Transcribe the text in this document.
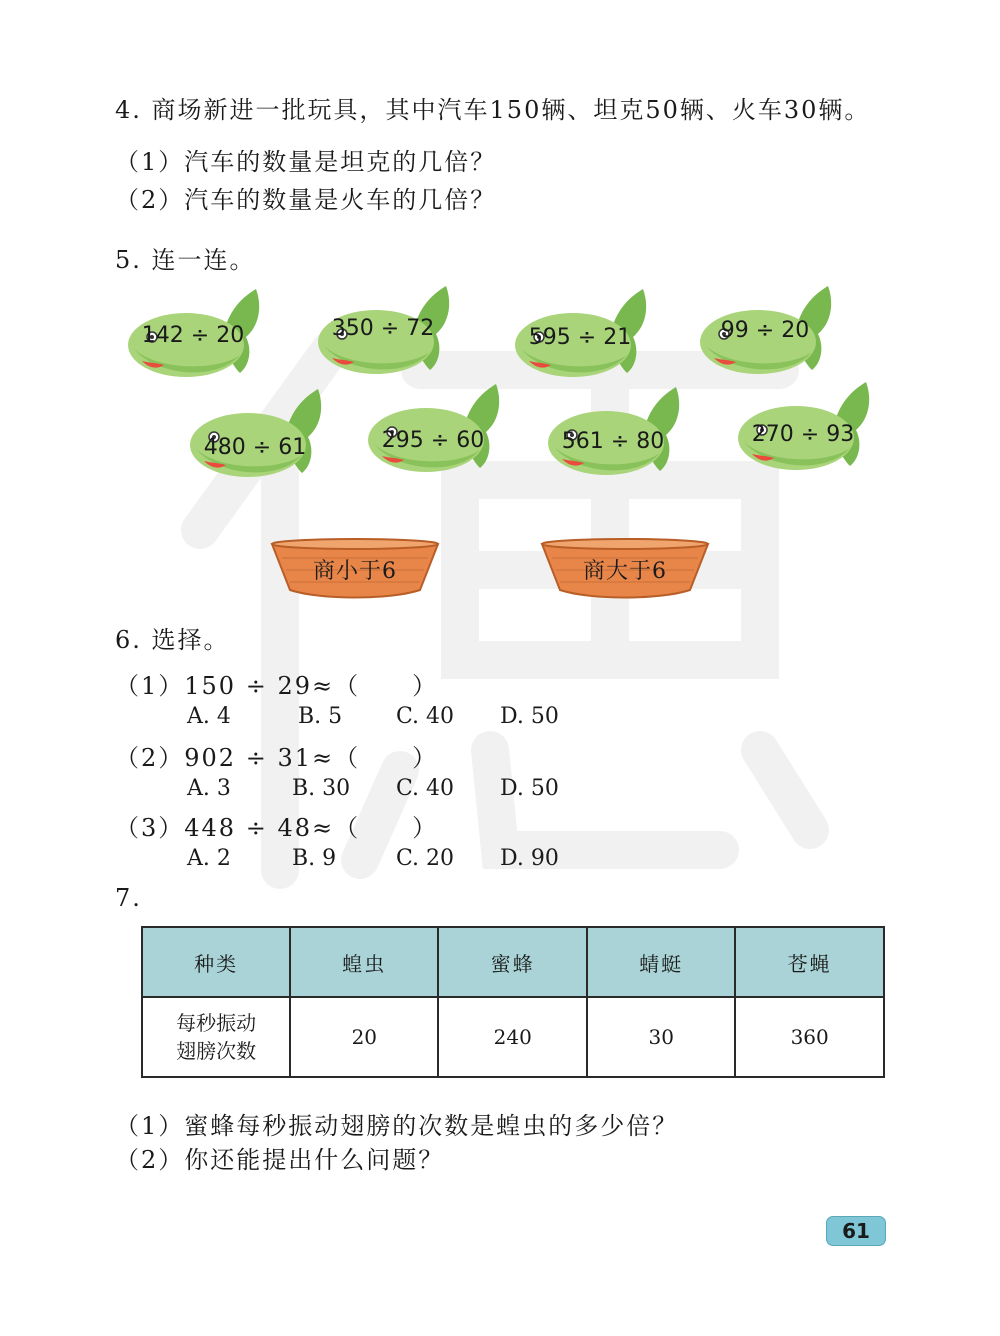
4. 商场新进一批玩具，其中汽车150辆、坦克50辆、火车30辆。
（1）汽车的数量是坦克的几倍？
（2）汽车的数量是火车的几倍？
5. 连一连。
142 ÷ 20	350 ÷ 72	595 ÷ 21	99 ÷ 20
480 ÷ 61	295 ÷ 60	561 ÷ 80	270 ÷ 93
商小于6	商大于6
6. 选择。
（1）150 ÷ 29≈（　　）
A. 4	B. 5 C. 40 D. 50
（2）902 ÷ 31≈（　　）
A. 3	B. 30 C. 40 D. 50
（3）448 ÷ 48≈（　　）
A. 2	B. 9	C. 20 D. 90
7.
种类	蝗虫	蜜蜂	蜻蜓	苍蝇

每秒振动
翅膀次数	20	240	30	360
（1）蜜蜂每秒振动翅膀的次数是蝗虫的多少倍？
（2）你还能提出什么问题？
61
